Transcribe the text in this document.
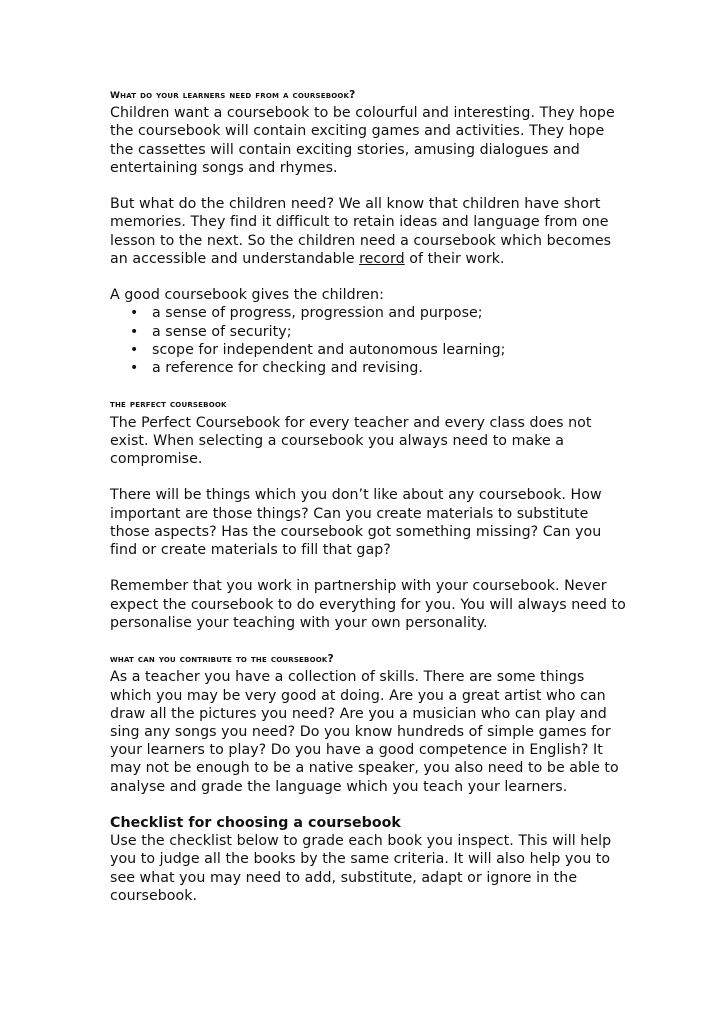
what do your learners need from a coursebook?

Children want a coursebook to be colourful and interesting. They hope the coursebook will contain exciting games and activities. They hope the cassettes will contain exciting stories, amusing dialogues and entertaining songs and rhymes.

But what do the children need? We all know that children have short memories. They find it difficult to retain ideas and language from one lesson to the next. So the children need a coursebook which becomes an accessible and understandable record of their work.

A good coursebook gives the children:
• a sense of progress, progression and purpose;
• a sense of security;
• scope for independent and autonomous learning;
• a reference for checking and revising.
the perfect coursebook

The Perfect Coursebook for every teacher and every class does not exist. When selecting a coursebook you always need to make a compromise.

There will be things which you don’t like about any coursebook. How important are those things? Can you create materials to substitute those aspects? Has the coursebook got something missing? Can you find or create materials to fill that gap?

Remember that you work in partnership with your coursebook. Never expect the coursebook to do everything for you. You will always need to personalise your teaching with your own personality.

what can you contribute to the coursebook?

As a teacher you have a collection of skills. There are some things which you may be very good at doing. Are you a great artist who can draw all the pictures you need? Are you a musician who can play and sing any songs you need? Do you know hundreds of simple games for your learners to play? Do you have a good competence in English? It may not be enough to be a native speaker, you also need to be able to analyse and grade the language which you teach your learners.

Checklist for choosing a coursebook

Use the checklist below to grade each book you inspect. This will help you to judge all the books by the same criteria. It will also help you to see what you may need to add, substitute, adapt or ignore in the coursebook.
